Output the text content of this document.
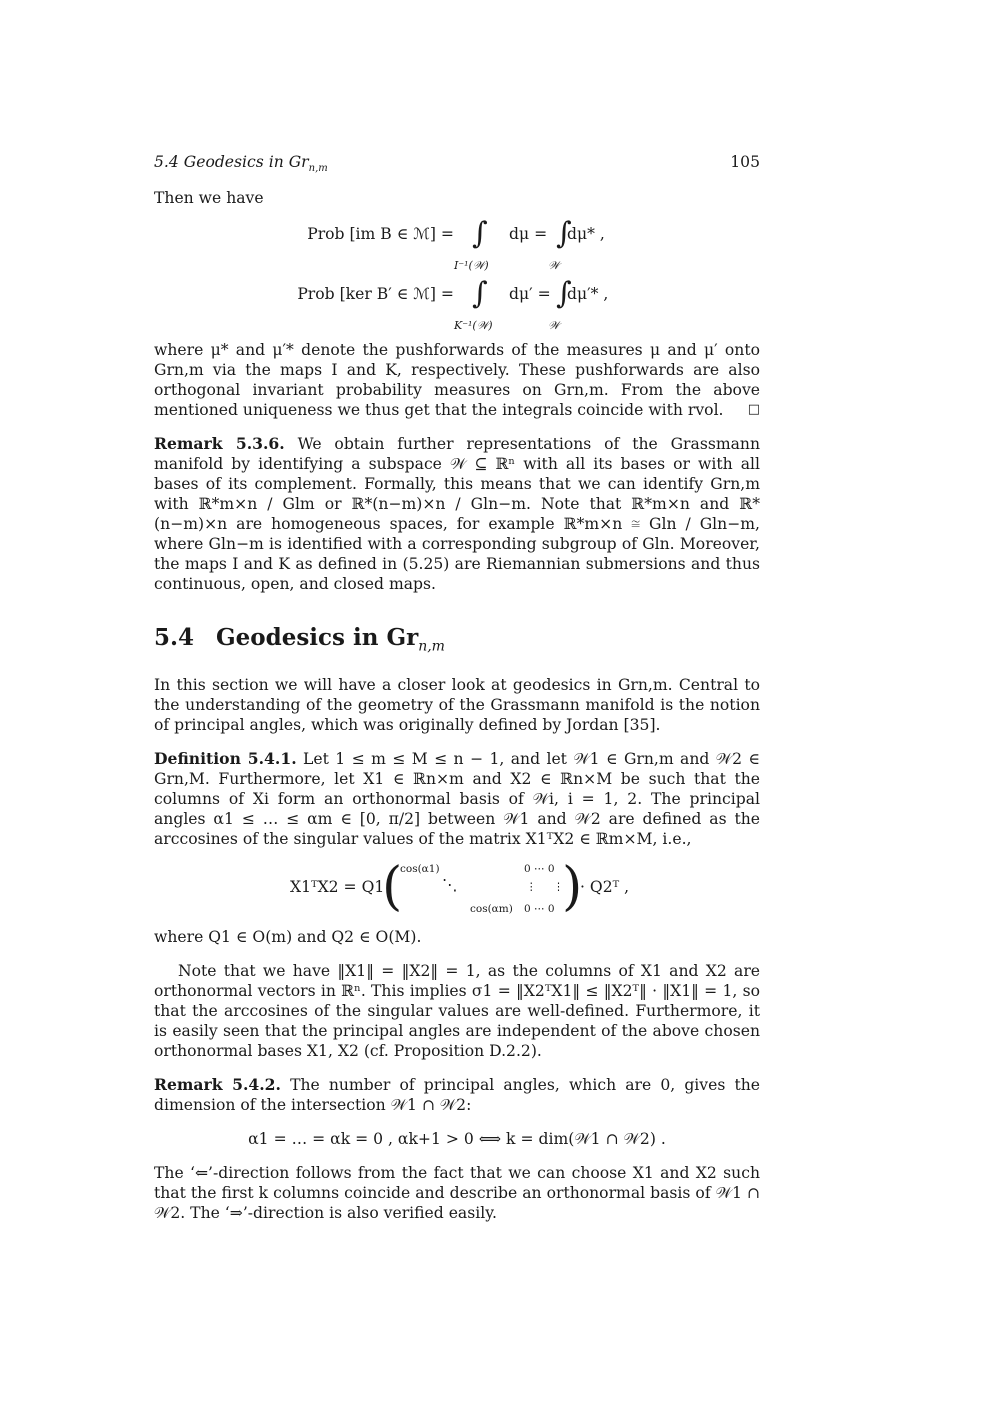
5.4 Geodesics in $Gr_{n,m}$	105

Then we have

Prob [im B ∈ ℳ] = ∫
I⁻¹(𝒲)
dμ = ∫
𝒲
dμ* ,
Prob [ker B′ ∈ ℳ] = ∫
K⁻¹(𝒲)
dμ′ = ∫
𝒲
dμ′* ,

where μ* and μ′* denote the pushforwards of the measures μ and μ′ onto Grn,m via the maps I and K, respectively. These pushforwards are also orthogonal invariant probability measures on Grn,m. From the above mentioned uniqueness we thus get that the integrals coincide with rvol. □

Remark 5.3.6. We obtain further representations of the Grassmann manifold by identifying a subspace 𝒲 ⊆ ℝⁿ with all its bases or with all bases of its complement. Formally, this means that we can identify Grn,m with ℝ*m×n / Glm or ℝ*(n−m)×n / Gln−m. Note that ℝ*m×n and ℝ*(n−m)×n are homogeneous spaces, for example ℝ*m×n ≅ Gln / Gln−m, where Gln−m is identified with a corresponding subgroup of Gln. Moreover, the maps I and K as defined in (5.25) are Riemannian submersions and thus continuous, open, and closed maps.

5.4 Geodesics in $Gr_{n,m}$

In this section we will have a closer look at geodesics in Grn,m. Central to the understanding of the geometry of the Grassmann manifold is the notion of principal angles, which was originally defined by Jordan [35].

Definition 5.4.1. Let 1 ≤ m ≤ M ≤ n − 1, and let 𝒲1 ∈ Grn,m and 𝒲2 ∈ Grn,M. Furthermore, let X1 ∈ ℝn×m and X2 ∈ ℝn×M be such that the columns of Xi form an orthonormal basis of 𝒲i, i = 1, 2. The principal angles α1 ≤ … ≤ αm ∈ [0, π/2] between 𝒲1 and 𝒲2 are defined as the arccosines of the singular values of the matrix X1ᵀX2 ∈ ℝm×M, i.e.,

X1ᵀX2 = Q1
(
cos(α1)
⋱
cos(αm)
0 ⋯ 0
⋮     ⋮
0 ⋯ 0 )
· Q2ᵀ ,

where Q1 ∈ O(m) and Q2 ∈ O(M).

Note that we have ‖X1‖ = ‖X2‖ = 1, as the columns of X1 and X2 are orthonormal vectors in ℝⁿ. This implies σ1 = ‖X2ᵀX1‖ ≤ ‖X2ᵀ‖ · ‖X1‖ = 1, so that the arccosines of the singular values are well-defined. Furthermore, it is easily seen that the principal angles are independent of the above chosen orthonormal bases X1, X2 (cf. Proposition D.2.2).

Remark 5.4.2. The number of principal angles, which are 0, gives the dimension of the intersection 𝒲1 ∩ 𝒲2:

α1 = … = αk = 0 , αk+1 > 0 ⟺ k = dim(𝒲1 ∩ 𝒲2) .

The ‘⇐’-direction follows from the fact that we can choose X1 and X2 such that the first k columns coincide and describe an orthonormal basis of 𝒲1 ∩ 𝒲2. The ‘⇒’-direction is also verified easily.
